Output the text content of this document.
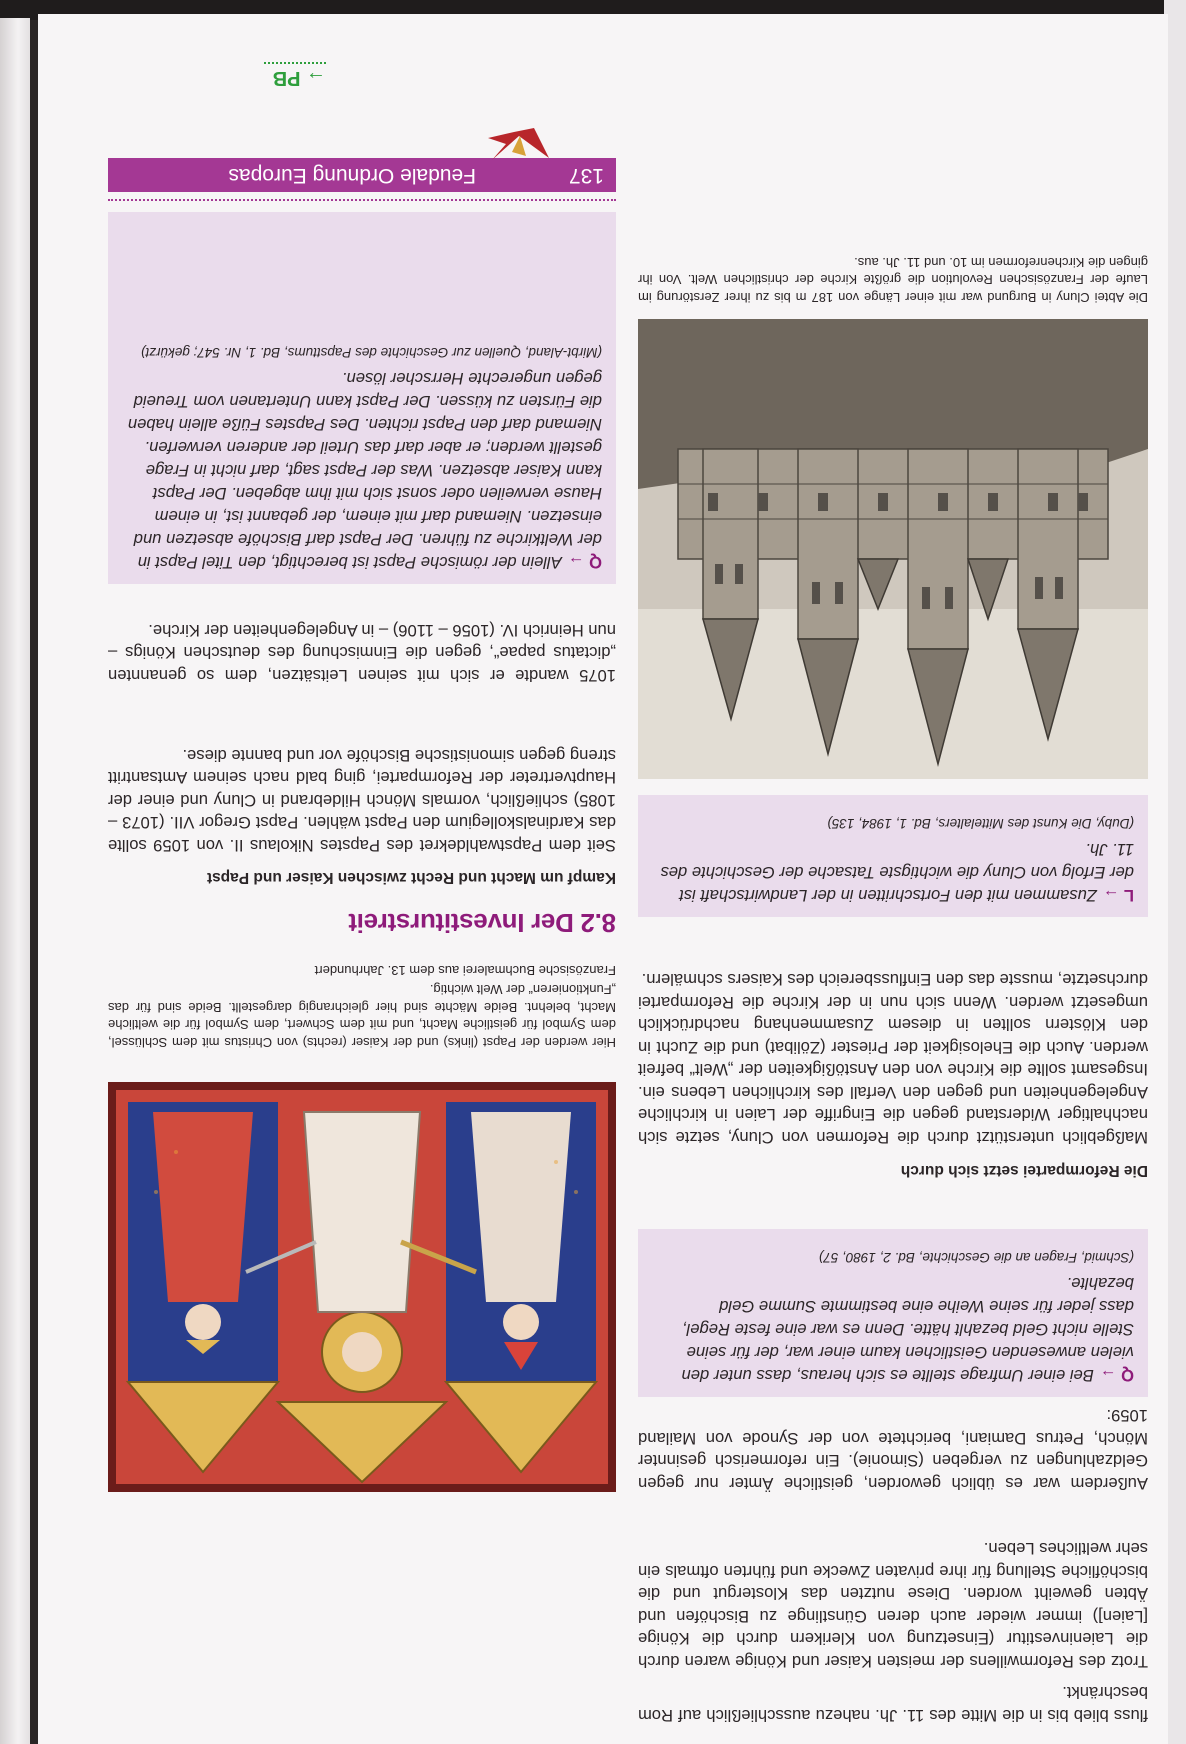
fluss blieb bis in die Mitte des 11. Jh. nahezu ausschließlich auf Rom beschränkt.

Trotz des Reformwillens der meisten Kaiser und Könige waren durch die Laieninvestitur (Einsetzung von Klerikern durch die Könige [Laien]) immer wieder auch deren Günstlinge zu Bischöfen und Äbten geweiht worden. Diese nutzten das Klostergut und die bischöfliche Stellung für ihre privaten Zwecke und führten oftmals ein sehr weltliches Leben.

Außerdem war es üblich geworden, geistliche Ämter nur gegen Geldzahlungen zu vergeben (Simonie). Ein reformerisch gesinnter Mönch, Petrus Damiani, berichtete von der Synode von Mailand 1059:

Q →Bei einer Umfrage stellte es sich heraus, dass unter den vielen anwesenden Geistlichen kaum einer war, der für seine Stelle nicht Geld bezahlt hätte. Denn es war eine feste Regel, dass jeder für seine Weihe eine bestimmte Summe Geld bezahlte.

(Schmid, Fragen an die Geschichte, Bd. 2, 1980, 57)

Die Reformpartei setzt sich durch

Maßgeblich unterstützt durch die Reformen von Cluny, setzte sich nachhaltiger Widerstand gegen die Eingriffe der Laien in kirchliche Angelegenheiten und gegen den Verfall des kirchlichen Lebens ein. Insgesamt sollte die Kirche von den Anstößigkeiten der „Welt“ befreit werden. Auch die Ehelosigkeit der Priester (Zölibat) und die Zucht in den Klöstern sollten in diesem Zusammenhang nachdrücklich umgesetzt werden. Wenn sich nun in der Kirche die Reformpartei durchsetzte, musste das den Einflussbereich des Kaisers schmälern.

L →Zusammen mit den Fortschritten in der Landwirtschaft ist der Erfolg von Cluny die wichtigste Tatsache der Geschichte des 11. Jh.

(Duby, Die Kunst des Mittelalters, Bd. 1, 1984, 135)

Die Abtei Cluny in Burgund war mit einer Länge von 187 m bis zu ihrer Zerstörung im Laufe der Französischen Revolution die größte Kirche der christlichen Welt. Von ihr gingen die Kirchenreformen im 10. und 11. Jh. aus.

137
Feudale Ordnung Europas
→ PB

Q →Allein der römische Papst ist berechtigt, den Titel Papst in der Weltkirche zu führen. Der Papst darf Bischöfe absetzen und einsetzen. Niemand darf mit einem, der gebannt ist, in einem Hause verweilen oder sonst sich mit ihm abgeben. Der Papst kann Kaiser absetzen. Was der Papst sagt, darf nicht in Frage gestellt werden; er aber darf das Urteil der anderen verwerfen. Niemand darf den Papst richten. Des Papstes Füße allein haben die Fürsten zu küssen. Der Papst kann Untertanen vom Treueid gegen ungerechte Herrscher lösen.

(Mirbt-Aland, Quellen zur Geschichte des Papsttums, Bd. 1, Nr. 547; gekürzt)

1075 wandte er sich mit seinen Leitsätzen, dem so genannten „dictatus papae“, gegen die Einmischung des deutschen Königs – nun Heinrich IV. (1056 – 1106) – in Angelegenheiten der Kirche.

Seit dem Papstwahldekret des Papstes Nikolaus II. von 1059 sollte das Kardinalskollegium den Papst wählen. Papst Gregor VII. (1073 – 1085) schließlich, vormals Mönch Hildebrand in Cluny und einer der Hauptvertreter der Reformpartei, ging bald nach seinem Amtsantritt streng gegen simonistische Bischöfe vor und bannte diese.

Kampf um Macht und Recht zwischen Kaiser und Papst
8.2 Der Investiturstreit

Hier werden der Papst (links) und der Kaiser (rechts) von Christus mit dem Schlüssel, dem Symbol für geistliche Macht, und mit dem Schwert, dem Symbol für die weltliche Macht, belehnt. Beide Mächte sind hier gleichrangig dargestellt. Beide sind für das „Funktionieren“ der Welt wichtig.

Französische Buchmalerei aus dem 13. Jahrhundert
